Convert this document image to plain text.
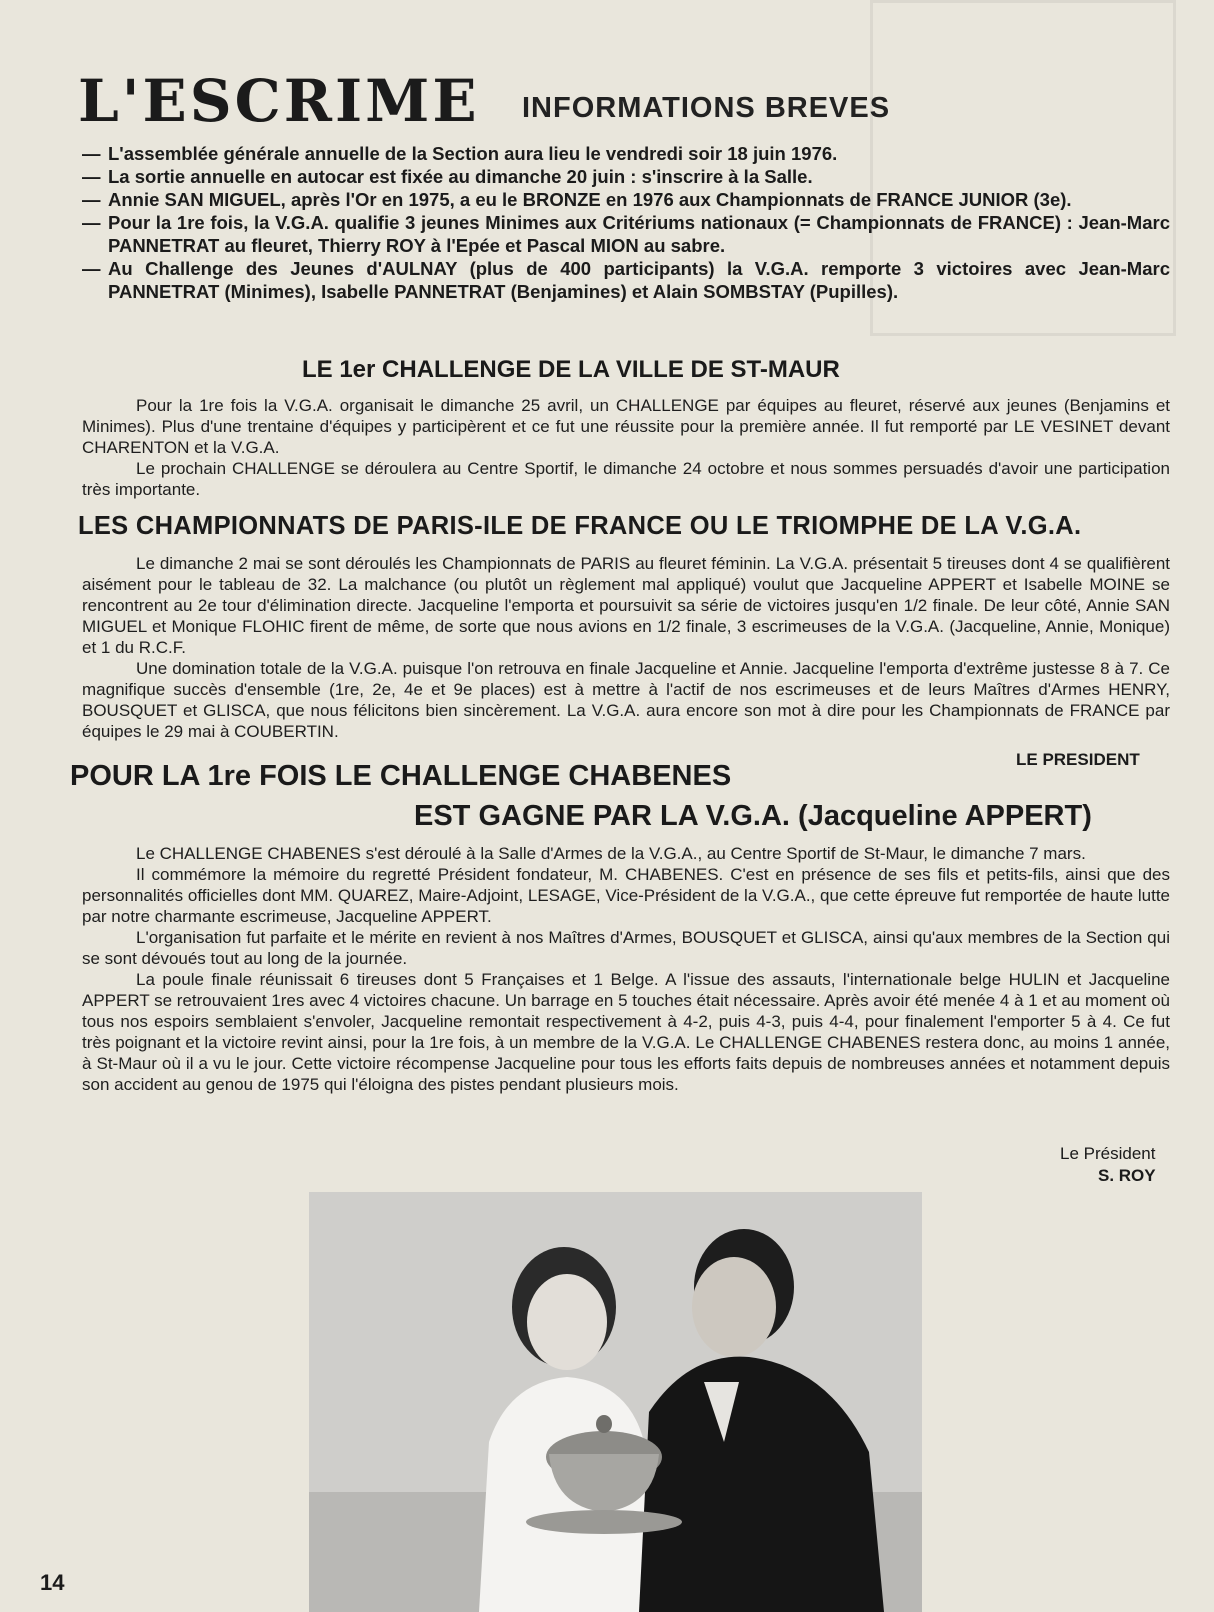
L'ESCRIME INFORMATIONS BREVES
— L'assemblée générale annuelle de la Section aura lieu le vendredi soir 18 juin 1976.
— La sortie annuelle en autocar est fixée au dimanche 20 juin : s'inscrire à la Salle.
— Annie SAN MIGUEL, après l'Or en 1975, a eu le BRONZE en 1976 aux Championnats de FRANCE JUNIOR (3e).
— Pour la 1re fois, la V.G.A. qualifie 3 jeunes Minimes aux Critériums nationaux (= Championnats de FRANCE) : Jean-Marc PANNETRAT au fleuret, Thierry ROY à l'Epée et Pascal MION au sabre.
— Au Challenge des Jeunes d'AULNAY (plus de 400 participants) la V.G.A. remporte 3 victoires avec Jean-Marc PANNETRAT (Minimes), Isabelle PANNETRAT (Benjamines) et Alain SOMBSTAY (Pupilles).
LE 1er CHALLENGE DE LA VILLE DE ST-MAUR

Pour la 1re fois la V.G.A. organisait le dimanche 25 avril, un CHALLENGE par équipes au fleuret, réservé aux jeunes (Benjamins et Minimes). Plus d'une trentaine d'équipes y participèrent et ce fut une réussite pour la première année. Il fut remporté par LE VESINET devant CHARENTON et la V.G.A.

Le prochain CHALLENGE se déroulera au Centre Sportif, le dimanche 24 octobre et nous sommes persuadés d'avoir une participation très importante.

LES CHAMPIONNATS DE PARIS-ILE DE FRANCE OU LE TRIOMPHE DE LA V.G.A.

Le dimanche 2 mai se sont déroulés les Championnats de PARIS au fleuret féminin. La V.G.A. présentait 5 tireuses dont 4 se qualifièrent aisément pour le tableau de 32. La malchance (ou plutôt un règlement mal appliqué) voulut que Jacqueline APPERT et Isabelle MOINE se rencontrent au 2e tour d'élimination directe. Jacqueline l'emporta et poursuivit sa série de victoires jusqu'en 1/2 finale. De leur côté, Annie SAN MIGUEL et Monique FLOHIC firent de même, de sorte que nous avions en 1/2 finale, 3 escrimeuses de la V.G.A. (Jacqueline, Annie, Monique) et 1 du R.C.F.

Une domination totale de la V.G.A. puisque l'on retrouva en finale Jacqueline et Annie. Jacqueline l'emporta d'extrême justesse 8 à 7. Ce magnifique succès d'ensemble (1re, 2e, 4e et 9e places) est à mettre à l'actif de nos escrimeuses et de leurs Maîtres d'Armes HENRY, BOUSQUET et GLISCA, que nous félicitons bien sincèrement. La V.G.A. aura encore son mot à dire pour les Championnats de FRANCE par équipes le 29 mai à COUBERTIN.

LE PRESIDENT
POUR LA 1re FOIS LE CHALLENGE CHABENES
EST GAGNE PAR LA V.G.A. (Jacqueline APPERT)

Le CHALLENGE CHABENES s'est déroulé à la Salle d'Armes de la V.G.A., au Centre Sportif de St-Maur, le dimanche 7 mars.

Il commémore la mémoire du regretté Président fondateur, M. CHABENES. C'est en présence de ses fils et petits-fils, ainsi que des personnalités officielles dont MM. QUAREZ, Maire-Adjoint, LESAGE, Vice-Président de la V.G.A., que cette épreuve fut remportée de haute lutte par notre charmante escrimeuse, Jacqueline APPERT.

L'organisation fut parfaite et le mérite en revient à nos Maîtres d'Armes, BOUSQUET et GLISCA, ainsi qu'aux membres de la Section qui se sont dévoués tout au long de la journée.

La poule finale réunissait 6 tireuses dont 5 Françaises et 1 Belge. A l'issue des assauts, l'internationale belge HULIN et Jacqueline APPERT se retrouvaient 1res avec 4 victoires chacune. Un barrage en 5 touches était nécessaire. Après avoir été menée 4 à 1 et au moment où tous nos espoirs semblaient s'envoler, Jacqueline remontait respectivement à 4-2, puis 4-3, puis 4-4, pour finalement l'emporter 5 à 4. Ce fut très poignant et la victoire revint ainsi, pour la 1re fois, à un membre de la V.G.A. Le CHALLENGE CHABENES restera donc, au moins 1 année, à St-Maur où il a vu le jour. Cette victoire récompense Jacqueline pour tous les efforts faits depuis de nombreuses années et notamment depuis son accident au genou de 1975 qui l'éloigna des pistes pendant plusieurs mois.

Le Président
S. ROY
14
